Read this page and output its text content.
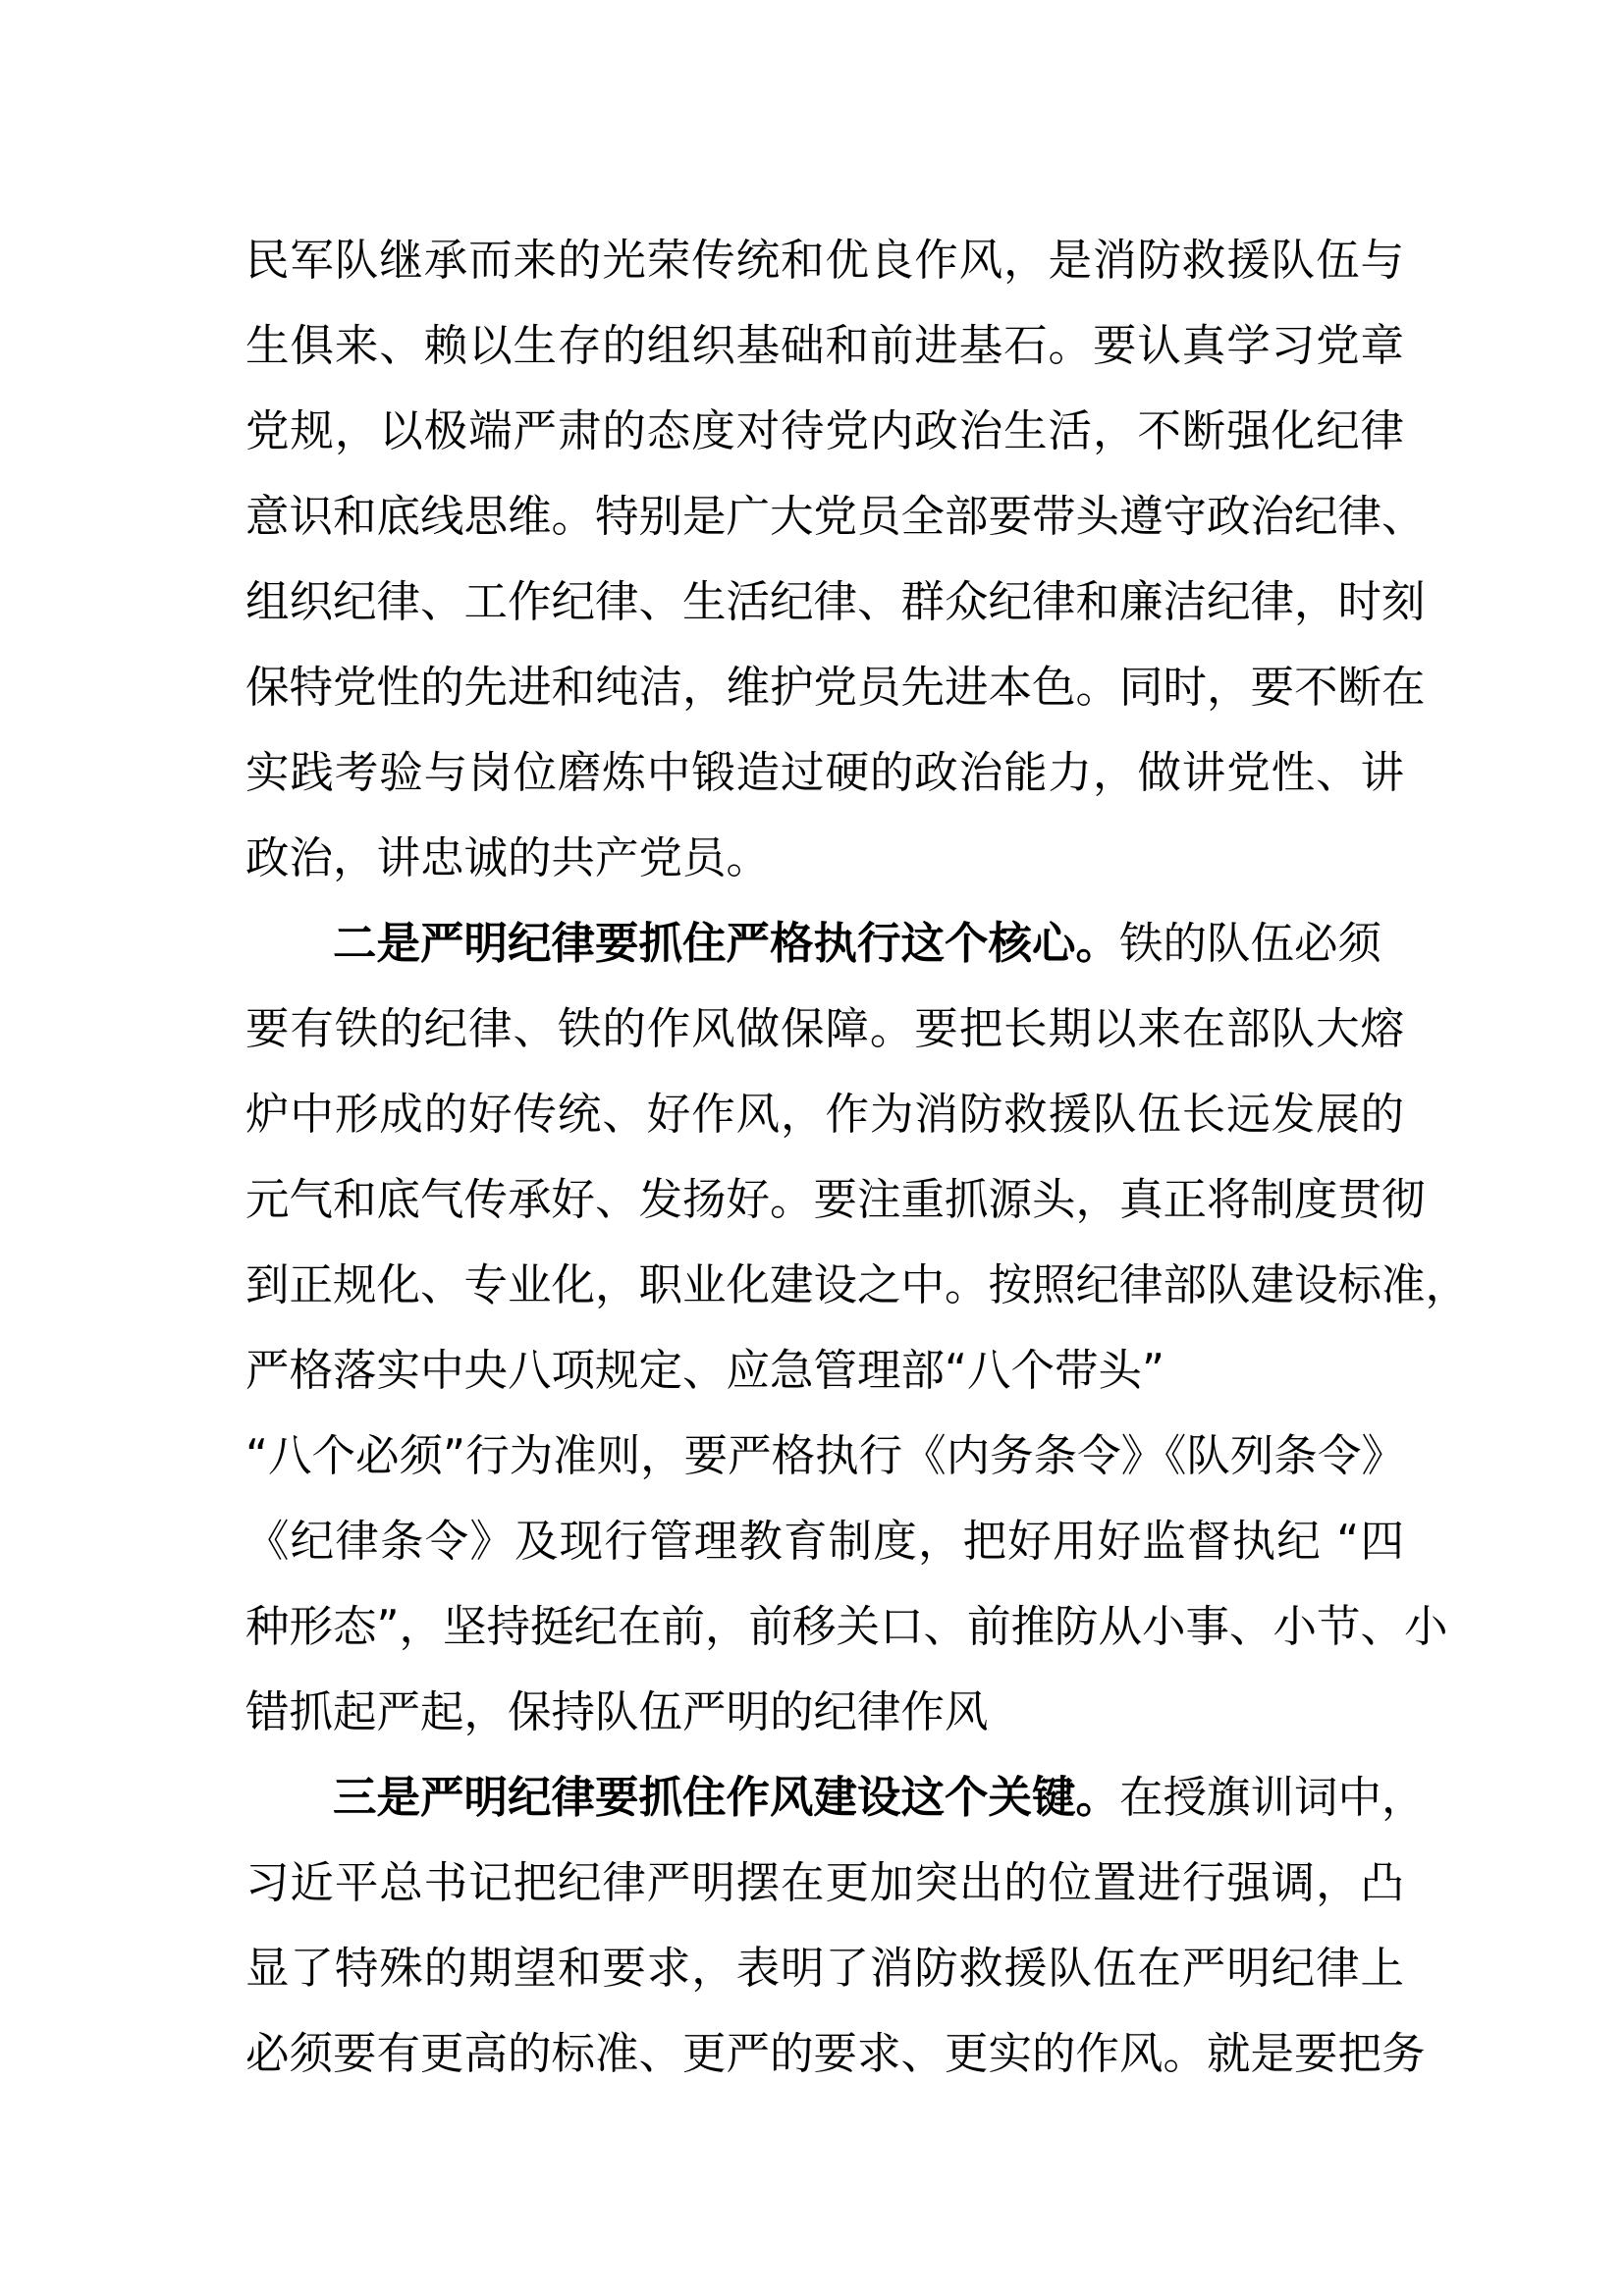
民军队继承而来的光荣传统和优良作风，是消防救援队伍与
生俱来、赖以生存的组织基础和前进基石。要认真学习党章
党规，以极端严肃的态度对待党内政治生活，不断强化纪律
意识和底线思维。特别是广大党员全部要带头遵守政治纪律、
组织纪律、工作纪律、生活纪律、群众纪律和廉洁纪律，时刻
保特党性的先进和纯洁，维护党员先进本色。同时，要不断在
实践考验与岗位磨炼中锻造过硬的政治能力，做讲党性、讲
政治，讲忠诚的共产党员。
二是严明纪律要抓住严格执行这个核心。铁的队伍必须
要有铁的纪律、铁的作风做保障。要把长期以来在部队大熔
炉中形成的好传统、好作风，作为消防救援队伍长远发展的
元气和底气传承好、发扬好。要注重抓源头，真正将制度贯彻
到正规化、专业化，职业化建设之中。按照纪律部队建设标准，
严格落实中央八项规定、应急管理部“八个带头”
“八个必须”行为准则，要严格执行《内务条令》《队列条令》
《纪律条令》及现行管理教育制度，把好用好监督执纪 “四
种形态”，坚持挺纪在前，前移关口、前推防从小事、小节、小
错抓起严起，保持队伍严明的纪律作风
三是严明纪律要抓住作风建设这个关键。在授旗训词中，
习近平总书记把纪律严明摆在更加突出的位置进行强调，凸
显了特殊的期望和要求，表明了消防救援队伍在严明纪律上
必须要有更高的标准、更严的要求、更实的作风。就是要把务
